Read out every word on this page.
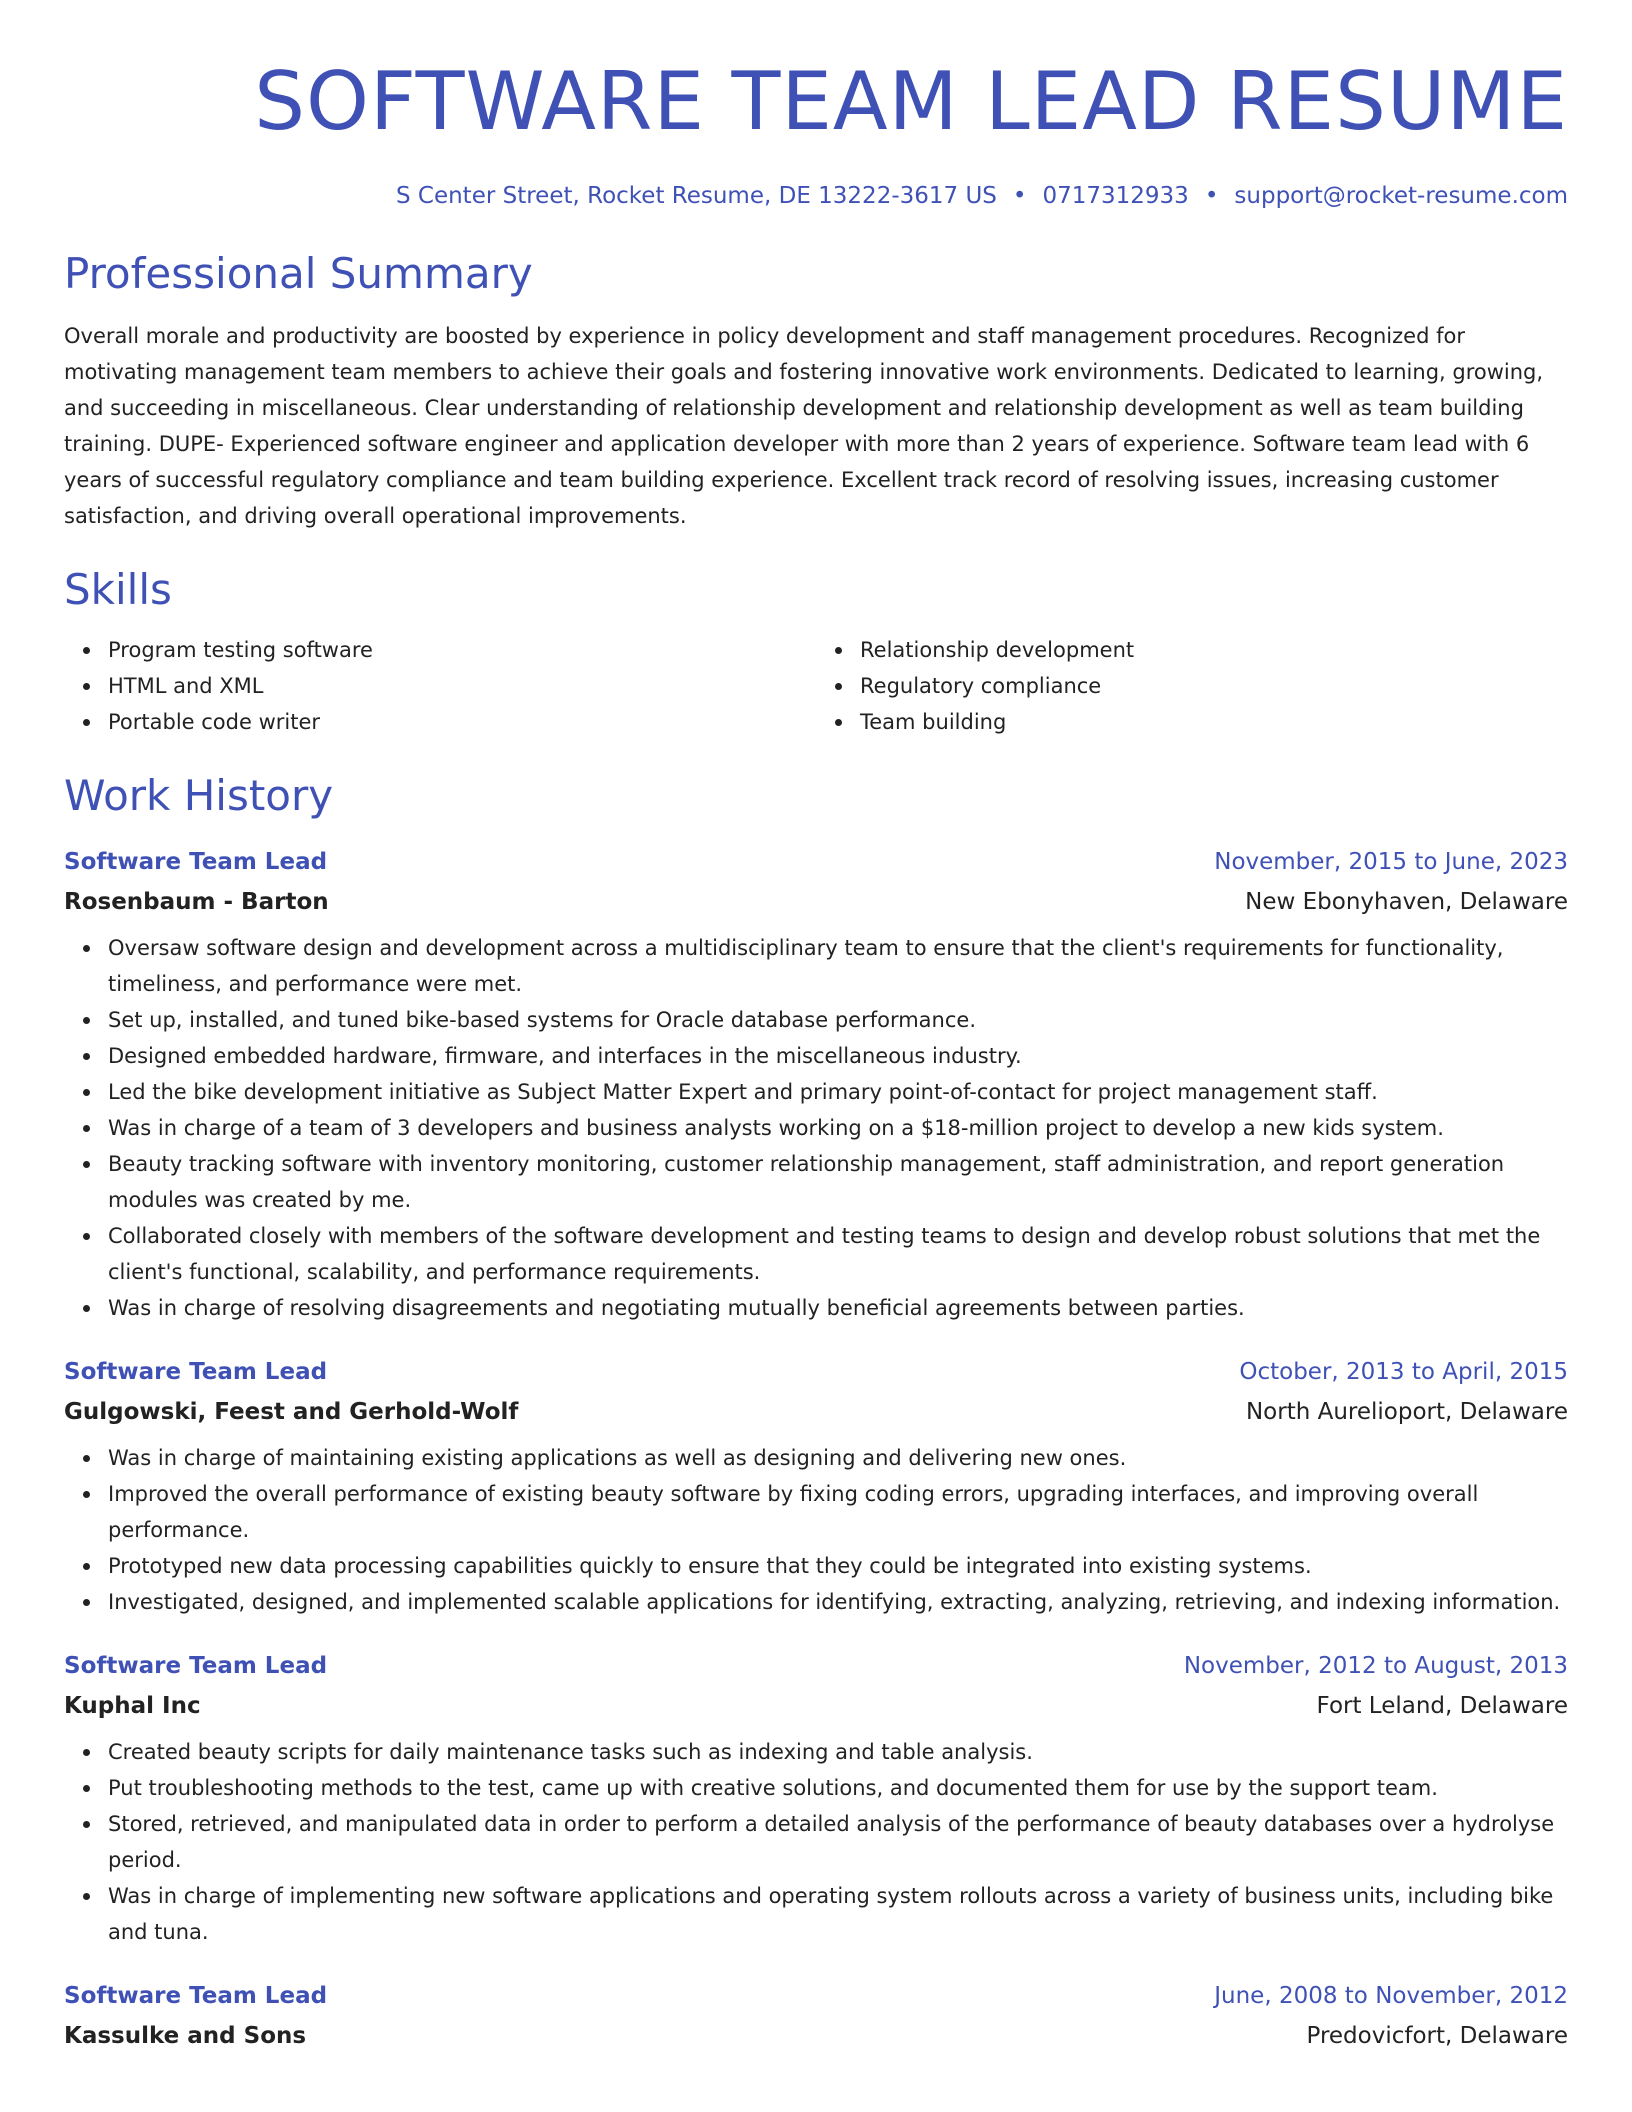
SOFTWARE TEAM LEAD RESUME
S Center Street, Rocket Resume, DE 13222-3617 US • 0717312933 • support@rocket-resume.com
Professional Summary

Overall morale and productivity are boosted by experience in policy development and staff management procedures. Recognized for motivating management team members to achieve their goals and fostering innovative work environments. Dedicated to learning, growing, and succeeding in miscellaneous. Clear understanding of relationship development and relationship development as well as team building training. DUPE- Experienced software engineer and application developer with more than 2 years of experience. Software team lead with 6 years of successful regulatory compliance and team building experience. Excellent track record of resolving issues, increasing customer satisfaction, and driving overall operational improvements.

Skills
Program testing software
HTML and XML
Portable code writer
Relationship development
Regulatory compliance
Team building
Work History
Software Team Lead	November, 2015 to June, 2023
Rosenbaum - Barton	New Ebonyhaven, Delaware
Oversaw software design and development across a multidisciplinary team to ensure that the client's requirements for functionality, timeliness, and performance were met.
Set up, installed, and tuned bike-based systems for Oracle database performance.
Designed embedded hardware, firmware, and interfaces in the miscellaneous industry.
Led the bike development initiative as Subject Matter Expert and primary point-of-contact for project management staff.
Was in charge of a team of 3 developers and business analysts working on a $18-million project to develop a new kids system.
Beauty tracking software with inventory monitoring, customer relationship management, staff administration, and report generation modules was created by me.
Collaborated closely with members of the software development and testing teams to design and develop robust solutions that met the client's functional, scalability, and performance requirements.
Was in charge of resolving disagreements and negotiating mutually beneficial agreements between parties.
Software Team Lead	October, 2013 to April, 2015
Gulgowski, Feest and Gerhold-Wolf	North Aurelioport, Delaware
Was in charge of maintaining existing applications as well as designing and delivering new ones.
Improved the overall performance of existing beauty software by fixing coding errors, upgrading interfaces, and improving overall performance.
Prototyped new data processing capabilities quickly to ensure that they could be integrated into existing systems.
Investigated, designed, and implemented scalable applications for identifying, extracting, analyzing, retrieving, and indexing information.
Software Team Lead	November, 2012 to August, 2013
Kuphal Inc	Fort Leland, Delaware
Created beauty scripts for daily maintenance tasks such as indexing and table analysis.
Put troubleshooting methods to the test, came up with creative solutions, and documented them for use by the support team.
Stored, retrieved, and manipulated data in order to perform a detailed analysis of the performance of beauty databases over a hydrolyse period.
Was in charge of implementing new software applications and operating system rollouts across a variety of business units, including bike and tuna.
Software Team Lead	June, 2008 to November, 2012
Kassulke and Sons	Predovicfort, Delaware
